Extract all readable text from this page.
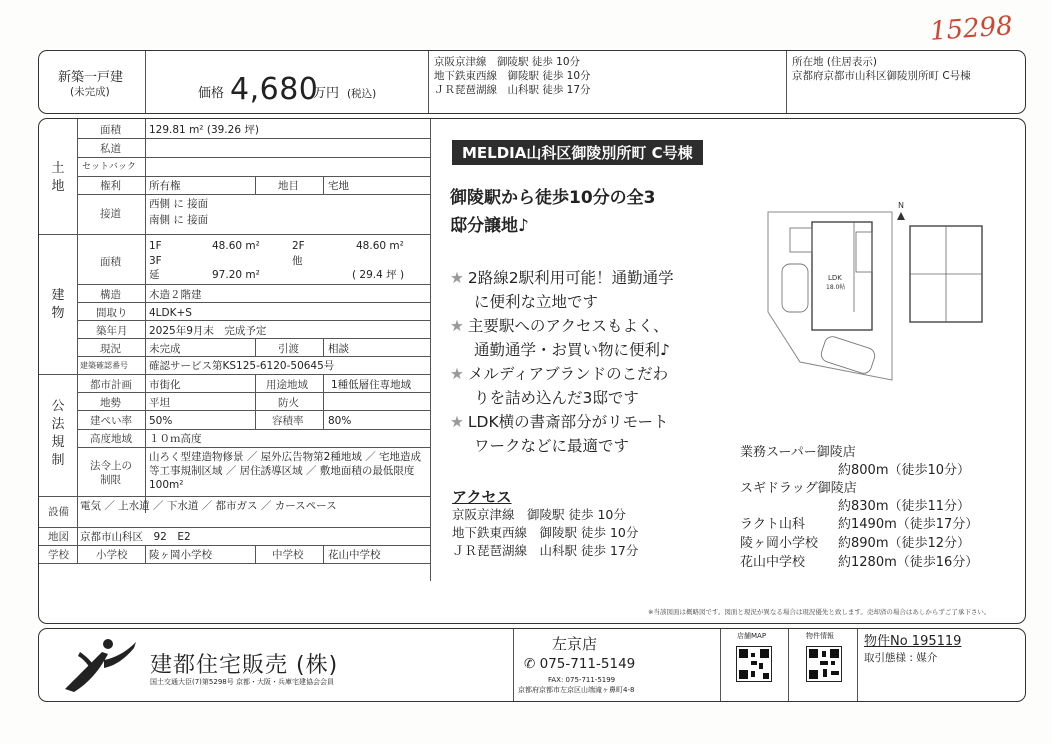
15298
新築一戸建
(未完成)	価格 4,680
万円 (税込)
京阪京津線　御陵駅 徒歩 10分
地下鉄東西線　御陵駅 徒歩 10分
ＪＲ琵琶湖線　山科駅 徒歩 17分
所在地 (住居表示)
京都府京都市山科区御陵別所町 C号棟
土地
建物
公法規制
面積	129.81 m² (39.26 坪)
私道
セットバック
権利	所有権	地目	宅地
接道
西側 に 接面
南側 に 接面
面積
1F	48.60 m²	2F	48.60 m²
3F	他
延	97.20 m²	( 29.4 坪 )
構造	木造２階建
間取り 4LDK+S
築年月 2025年9月末　完成予定
現況	未完成	引渡	相談
建築確認番号 確認サービス第KS125-6120-50645号
都市計画 市街化	用途地域 1種低層住専地域
地勢	平坦	防火
建ぺい率 50%	容積率 80%
高度地域 １０ｍ高度
法令上の
制限
山ろく型建造物修景 ／ 屋外広告物第2種地域 ／ 宅地造成
等工事規制区域 ／ 居住誘導区域 ／ 敷地面積の最低限度
100m²
設備 電気 ／ 上水道 ／ 下水道 ／ 都市ガス ／ カースペース
地図 京都市山科区　92　E2
学校	小学校 陵ヶ岡小学校	中学校 花山中学校
MELDIA山科区御陵別所町 C号棟
御陵駅から徒歩10分の全3
邸分譲地♪
★ 2路線2駅利用可能！通勤通学
に便利な立地です
★ 主要駅へのアクセスもよく、
通勤通学・お買い物に便利♪
★ メルディアブランドのこだわ
りを詰め込んだ3邸です
★ LDK横の書斎部分がリモート
ワークなどに最適です
LDK
18.0帖
N
アクセス
京阪京津線　御陵駅 徒歩 10分
地下鉄東西線　御陵駅 徒歩 10分
ＪＲ琵琶湖線　山科駅 徒歩 17分
業務スーパー御陵店
約800m（徒歩10分）
スギドラッグ御陵店
約830m（徒歩11分）
ラクト山科	約1490m（徒歩17分）
陵ヶ岡小学校 約890m（徒歩12分）
花山中学校	約1280m（徒歩16分）
※当該図面は概略図です。図面と現況が異なる場合は現況優先と致します。売却済の場合はあしからずご了承下さい。
建都住宅販売 (株)
国土交通大臣(7)第5298号 京都・大阪・兵庫宅建協会会員
左京店
✆ 075-711-5149
FAX: 075-711-5199
京都府京都市左京区山端滝ヶ鼻町4-8
店舗MAP	物件情報 物件No 195119
取引態様 : 媒介
